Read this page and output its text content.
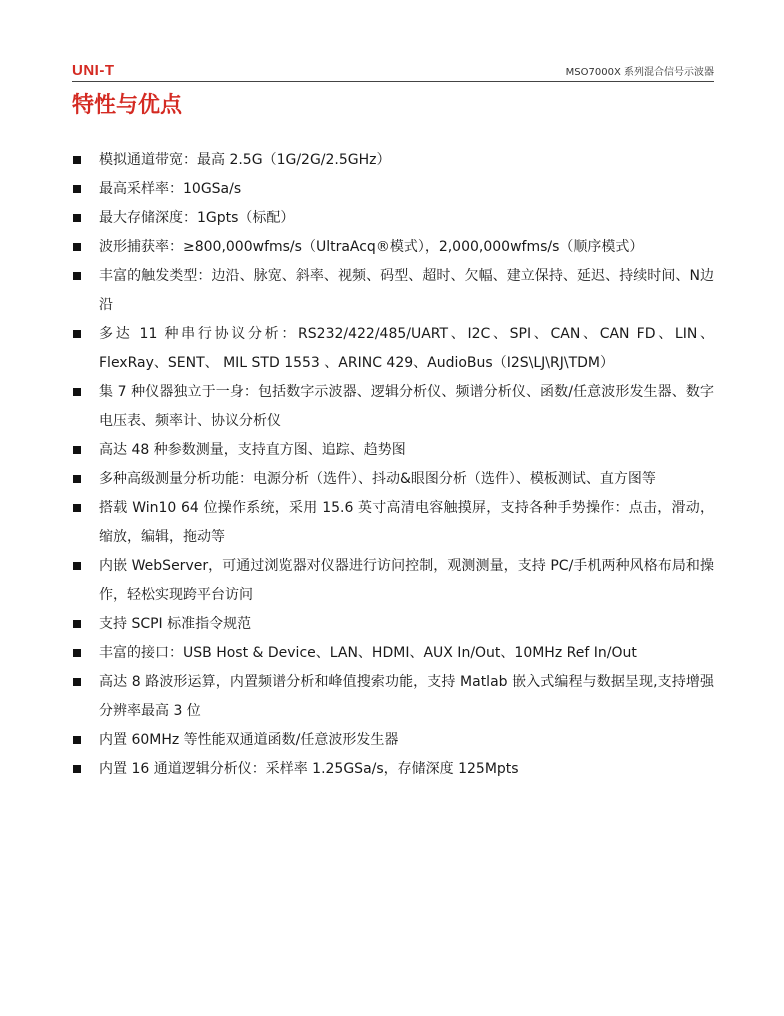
UNI-T	MSO7000X 系列混合信号示波器
特性与优点
模拟通道带宽：最高 2.5G（1G/2G/2.5GHz）
最高采样率：10GSa/s
最大存储深度：1Gpts（标配）
波形捕获率：≥800,000wfms/s（UltraAcq®模式），2,000,000wfms/s（顺序模式）
丰富的触发类型：边沿、脉宽、斜率、视频、码型、超时、欠幅、建立保持、延迟、持续时间、N边沿
多达 11 种串行协议分析：RS232/422/485/UART、I2C、SPI、CAN、CAN FD、LIN、FlexRay、SENT、 MIL STD 1553 、ARINC 429、AudioBus（I2S\LJ\RJ\TDM）
集 7 种仪器独立于一身：包括数字示波器、逻辑分析仪、频谱分析仪、函数/任意波形发生器、数字电压表、频率计、协议分析仪
高达 48 种参数测量，支持直方图、追踪、趋势图
多种高级测量分析功能：电源分析（选件）、抖动&眼图分析（选件）、模板测试、直方图等
搭载 Win10 64 位操作系统，采用 15.6 英寸高清电容触摸屏，支持各种手势操作：点击，滑动，缩放，编辑，拖动等
内嵌 WebServer，可通过浏览器对仪器进行访问控制，观测测量，支持 PC/手机两种风格布局和操作，轻松实现跨平台访问
支持 SCPI 标准指令规范
丰富的接口：USB Host & Device、LAN、HDMI、AUX In/Out、10MHz Ref In/Out
高达 8 路波形运算，内置频谱分析和峰值搜索功能，支持 Matlab 嵌入式编程与数据呈现,支持增强分辨率最高 3 位
内置 60MHz 等性能双通道函数/任意波形发生器
内置 16 通道逻辑分析仪：采样率 1.25GSa/s，存储深度 125Mpts
